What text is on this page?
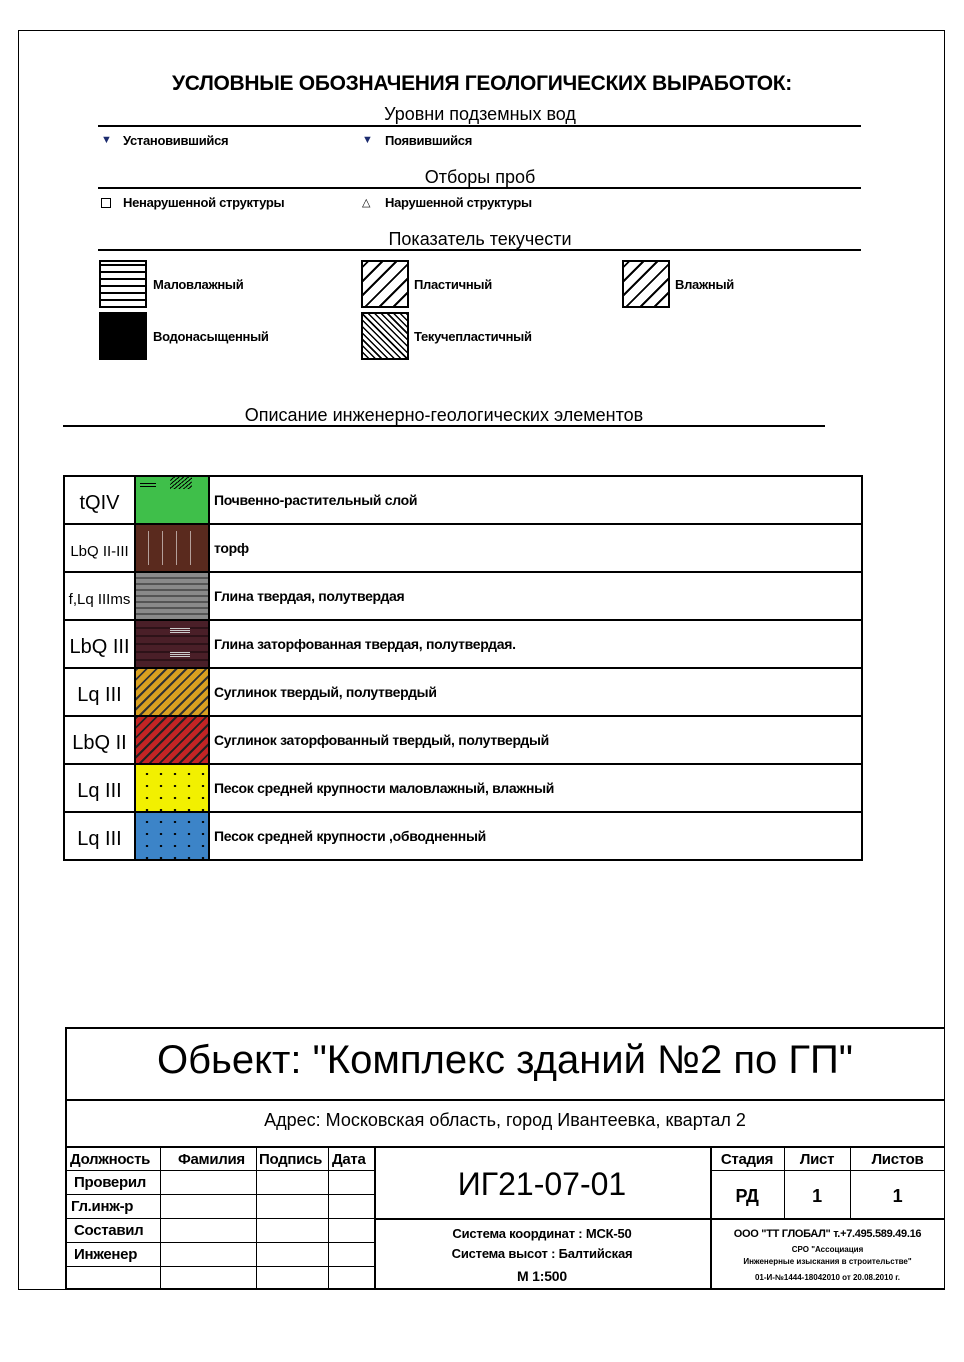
УСЛОВНЫЕ ОБОЗНАЧЕНИЯ ГЕОЛОГИЧЕСКИХ ВЫРАБОТОК:
Уровни подземных вод
▼ Установившийся	▼ Появившийся
Отборы проб
Ненарушенной структуры	△ Нарушенной структуры
Показатель текучести
Маловлажный	Пластичный	Влажный
Водонасыщенный	Текучепластичный
Описание инженерно-геологических элементов
tQIV		Почвенно-растительный слой
LbQ II-III		торф
f,Lq IIIms		Глина твердая, полутвердая
LbQ III		Глина заторфованная твердая, полутвердая.
Lq III		Суглинок твердый, полутвердый
LbQ II		Суглинок заторфованный твердый, полутвердый
Lq III		Песок средней крупности маловлажный, влажный
Lq III		Песок средней крупности ,обводненный
Обьект: "Комплекс зданий №2 по ГП"
Адрес: Московская область, город Ивантеевка, квартал 2
Должность Фамилия Подпись Дата
Проверил
Гл.инж-р
Составил
Инженер
ИГ21-07-01
Система координат : МСК-50
Система высот : Балтийская
М 1:500
Стадия	Лист	Листов
РД	1	1
ООО "ТТ ГЛОБАЛ" т.+7.495.589.49.16
СРО "Ассоциация
Инженерные изыскания в строительстве"
01-И-№1444-18042010 от 20.08.2010 г.
